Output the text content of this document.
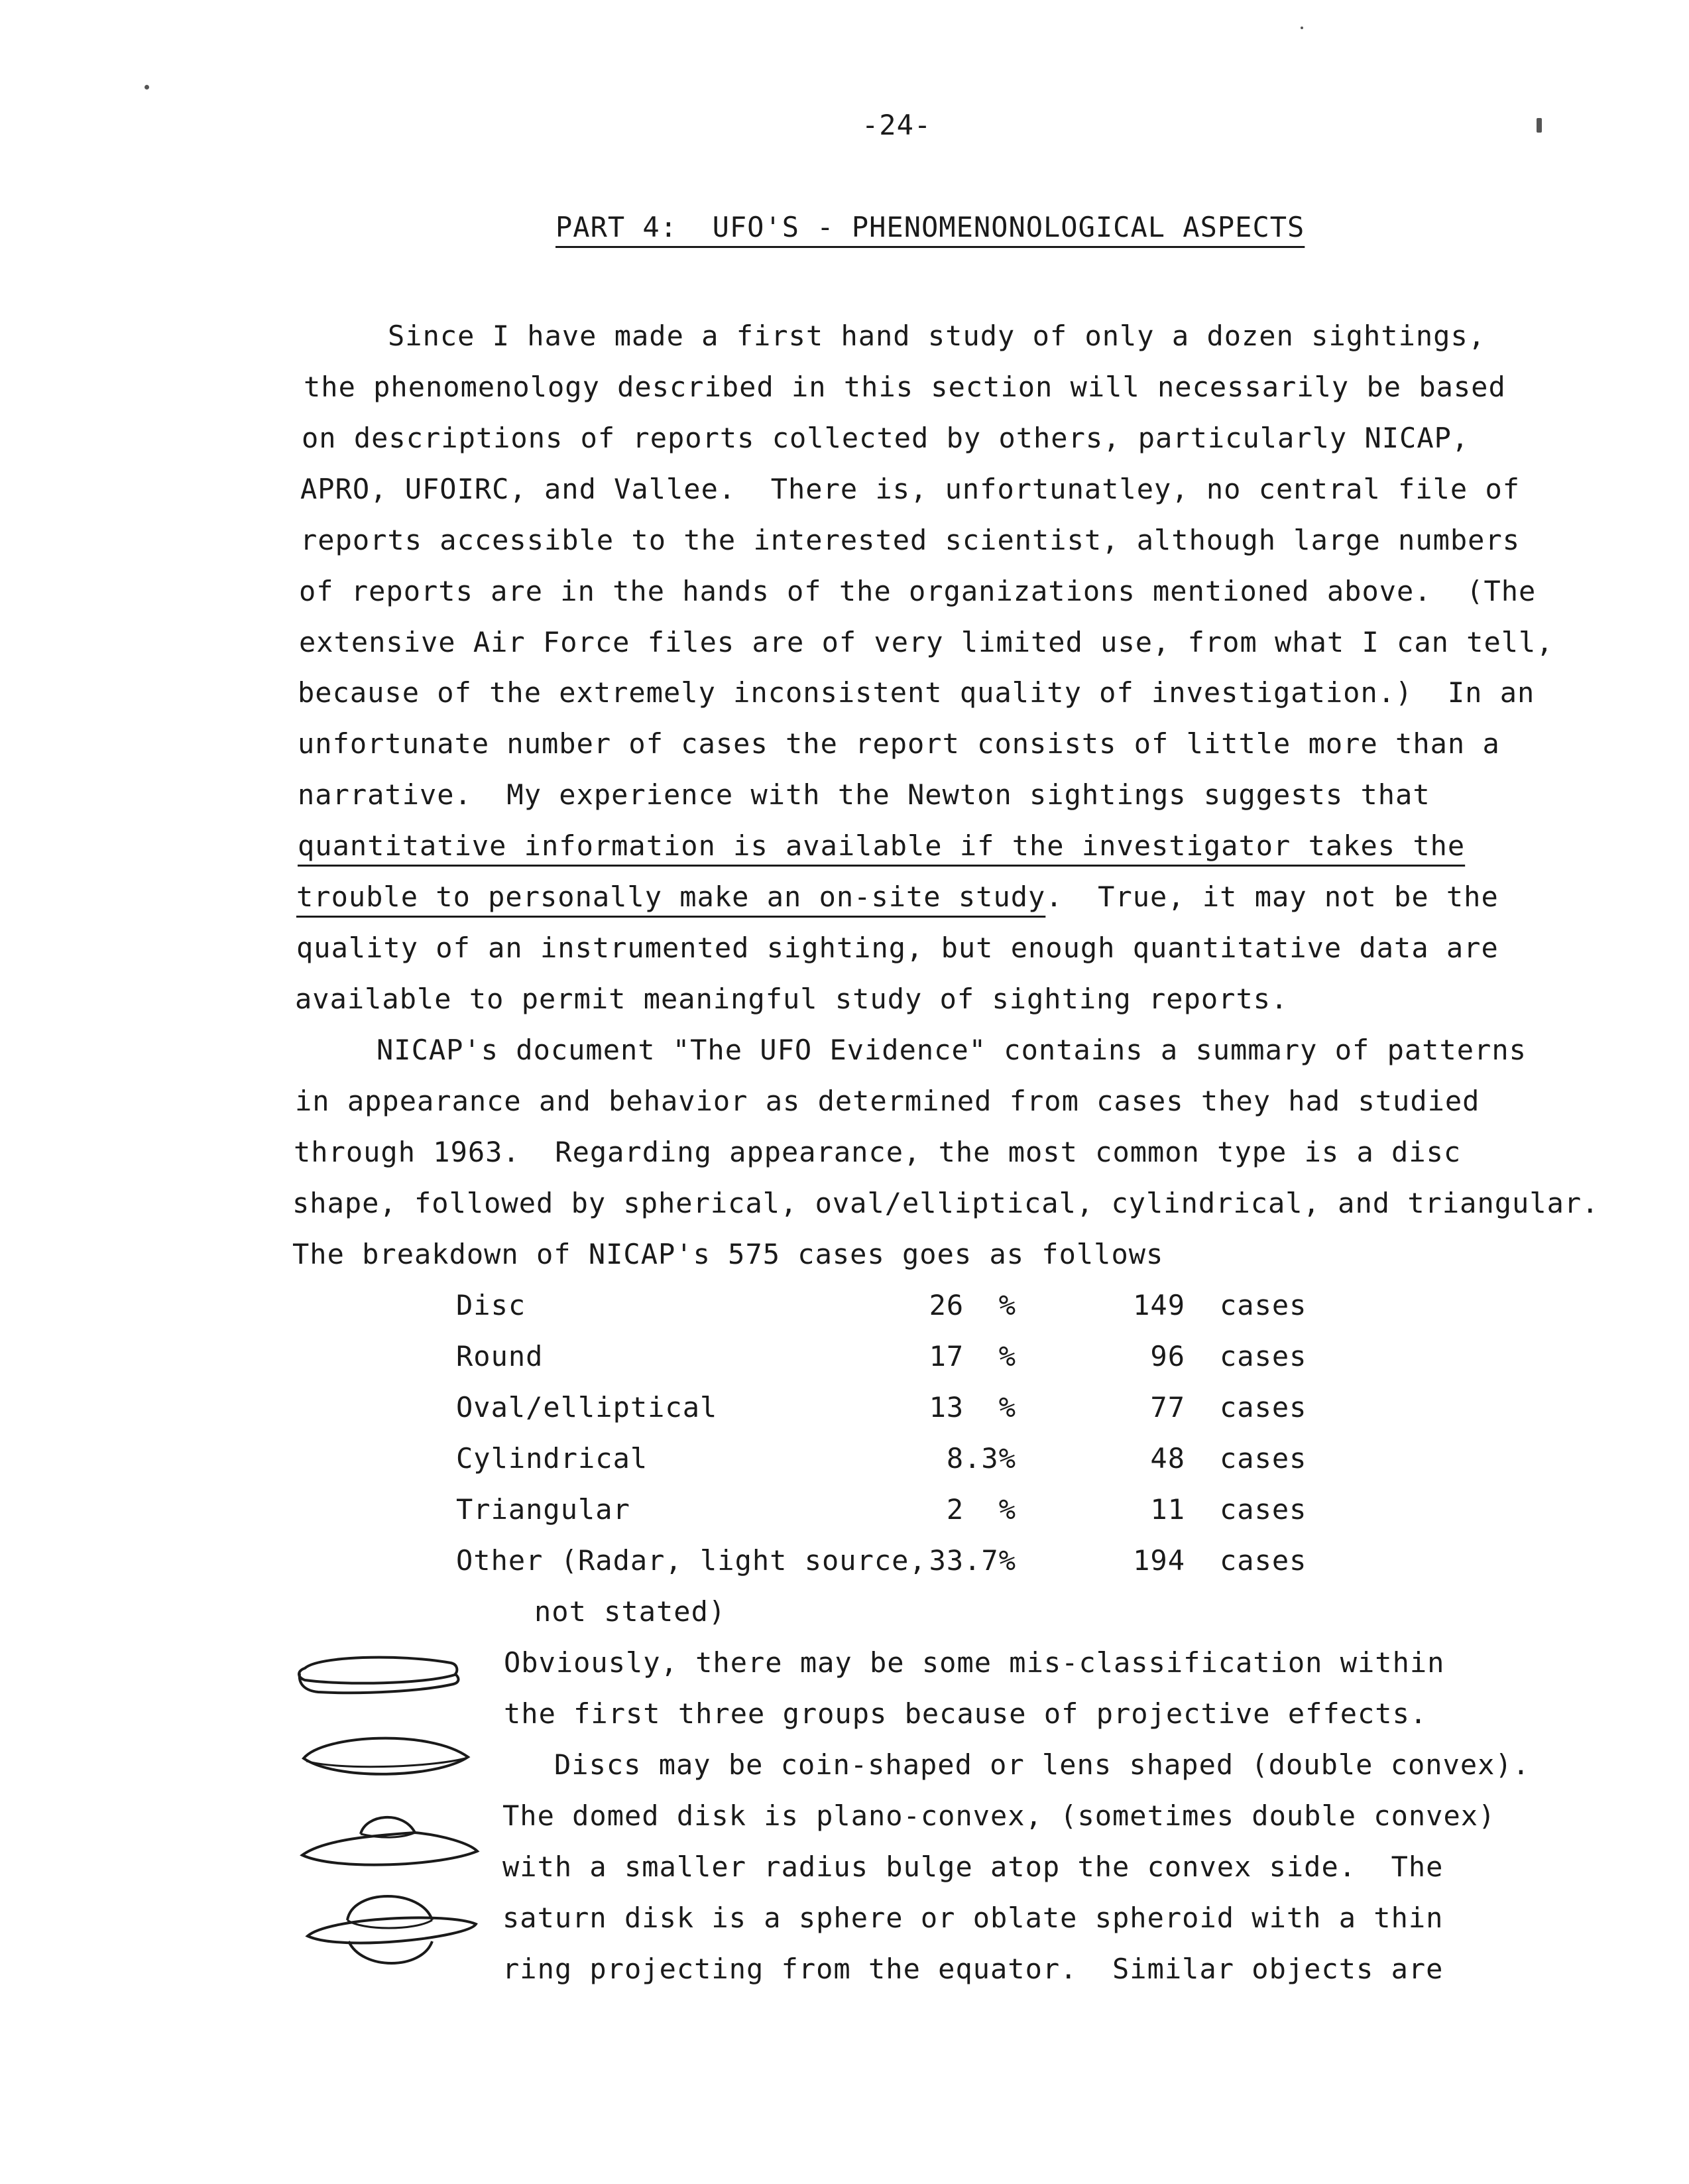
-24-
PART 4:  UFO'S - PHENOMENONOLOGICAL ASPECTS
Since I have made a first hand study of only a dozen sightings,
the phenomenology described in this section will necessarily be based
on descriptions of reports collected by others, particularly NICAP,
APRO, UFOIRC, and Vallee.  There is, unfortunatley, no central file of
reports accessible to the interested scientist, although large numbers
of reports are in the hands of the organizations mentioned above.  (The
extensive Air Force files are of very limited use, from what I can tell,
because of the extremely inconsistent quality of investigation.)  In an
unfortunate number of cases the report consists of little more than a
narrative.  My experience with the Newton sightings suggests that
quantitative information is available if the investigator takes the
trouble to personally make an on-site study.  True, it may not be the
quality of an instrumented sighting, but enough quantitative data are
available to permit meaningful study of sighting reports.
NICAP's document "The UFO Evidence" contains a summary of patterns
in appearance and behavior as determined from cases they had studied
through 1963.  Regarding appearance, the most common type is a disc
shape, followed by spherical, oval/elliptical, cylindrical, and triangular.
The breakdown of NICAP's 575 cases goes as follows
Disc	26  %	149 cases
Round	17  %	96 cases
Oval/elliptical	13  %	77 cases
Cylindrical	8.3%	48 cases
Triangular	2  %	11 cases
Other (Radar, light source, 33.7%	194 cases
not stated)
Obviously, there may be some mis-classification within
the first three groups because of projective effects.
Discs may be coin-shaped or lens shaped (double convex).
The domed disk is plano-convex, (sometimes double convex)
with a smaller radius bulge atop the convex side.  The
saturn disk is a sphere or oblate spheroid with a thin
ring projecting from the equator.  Similar objects are
